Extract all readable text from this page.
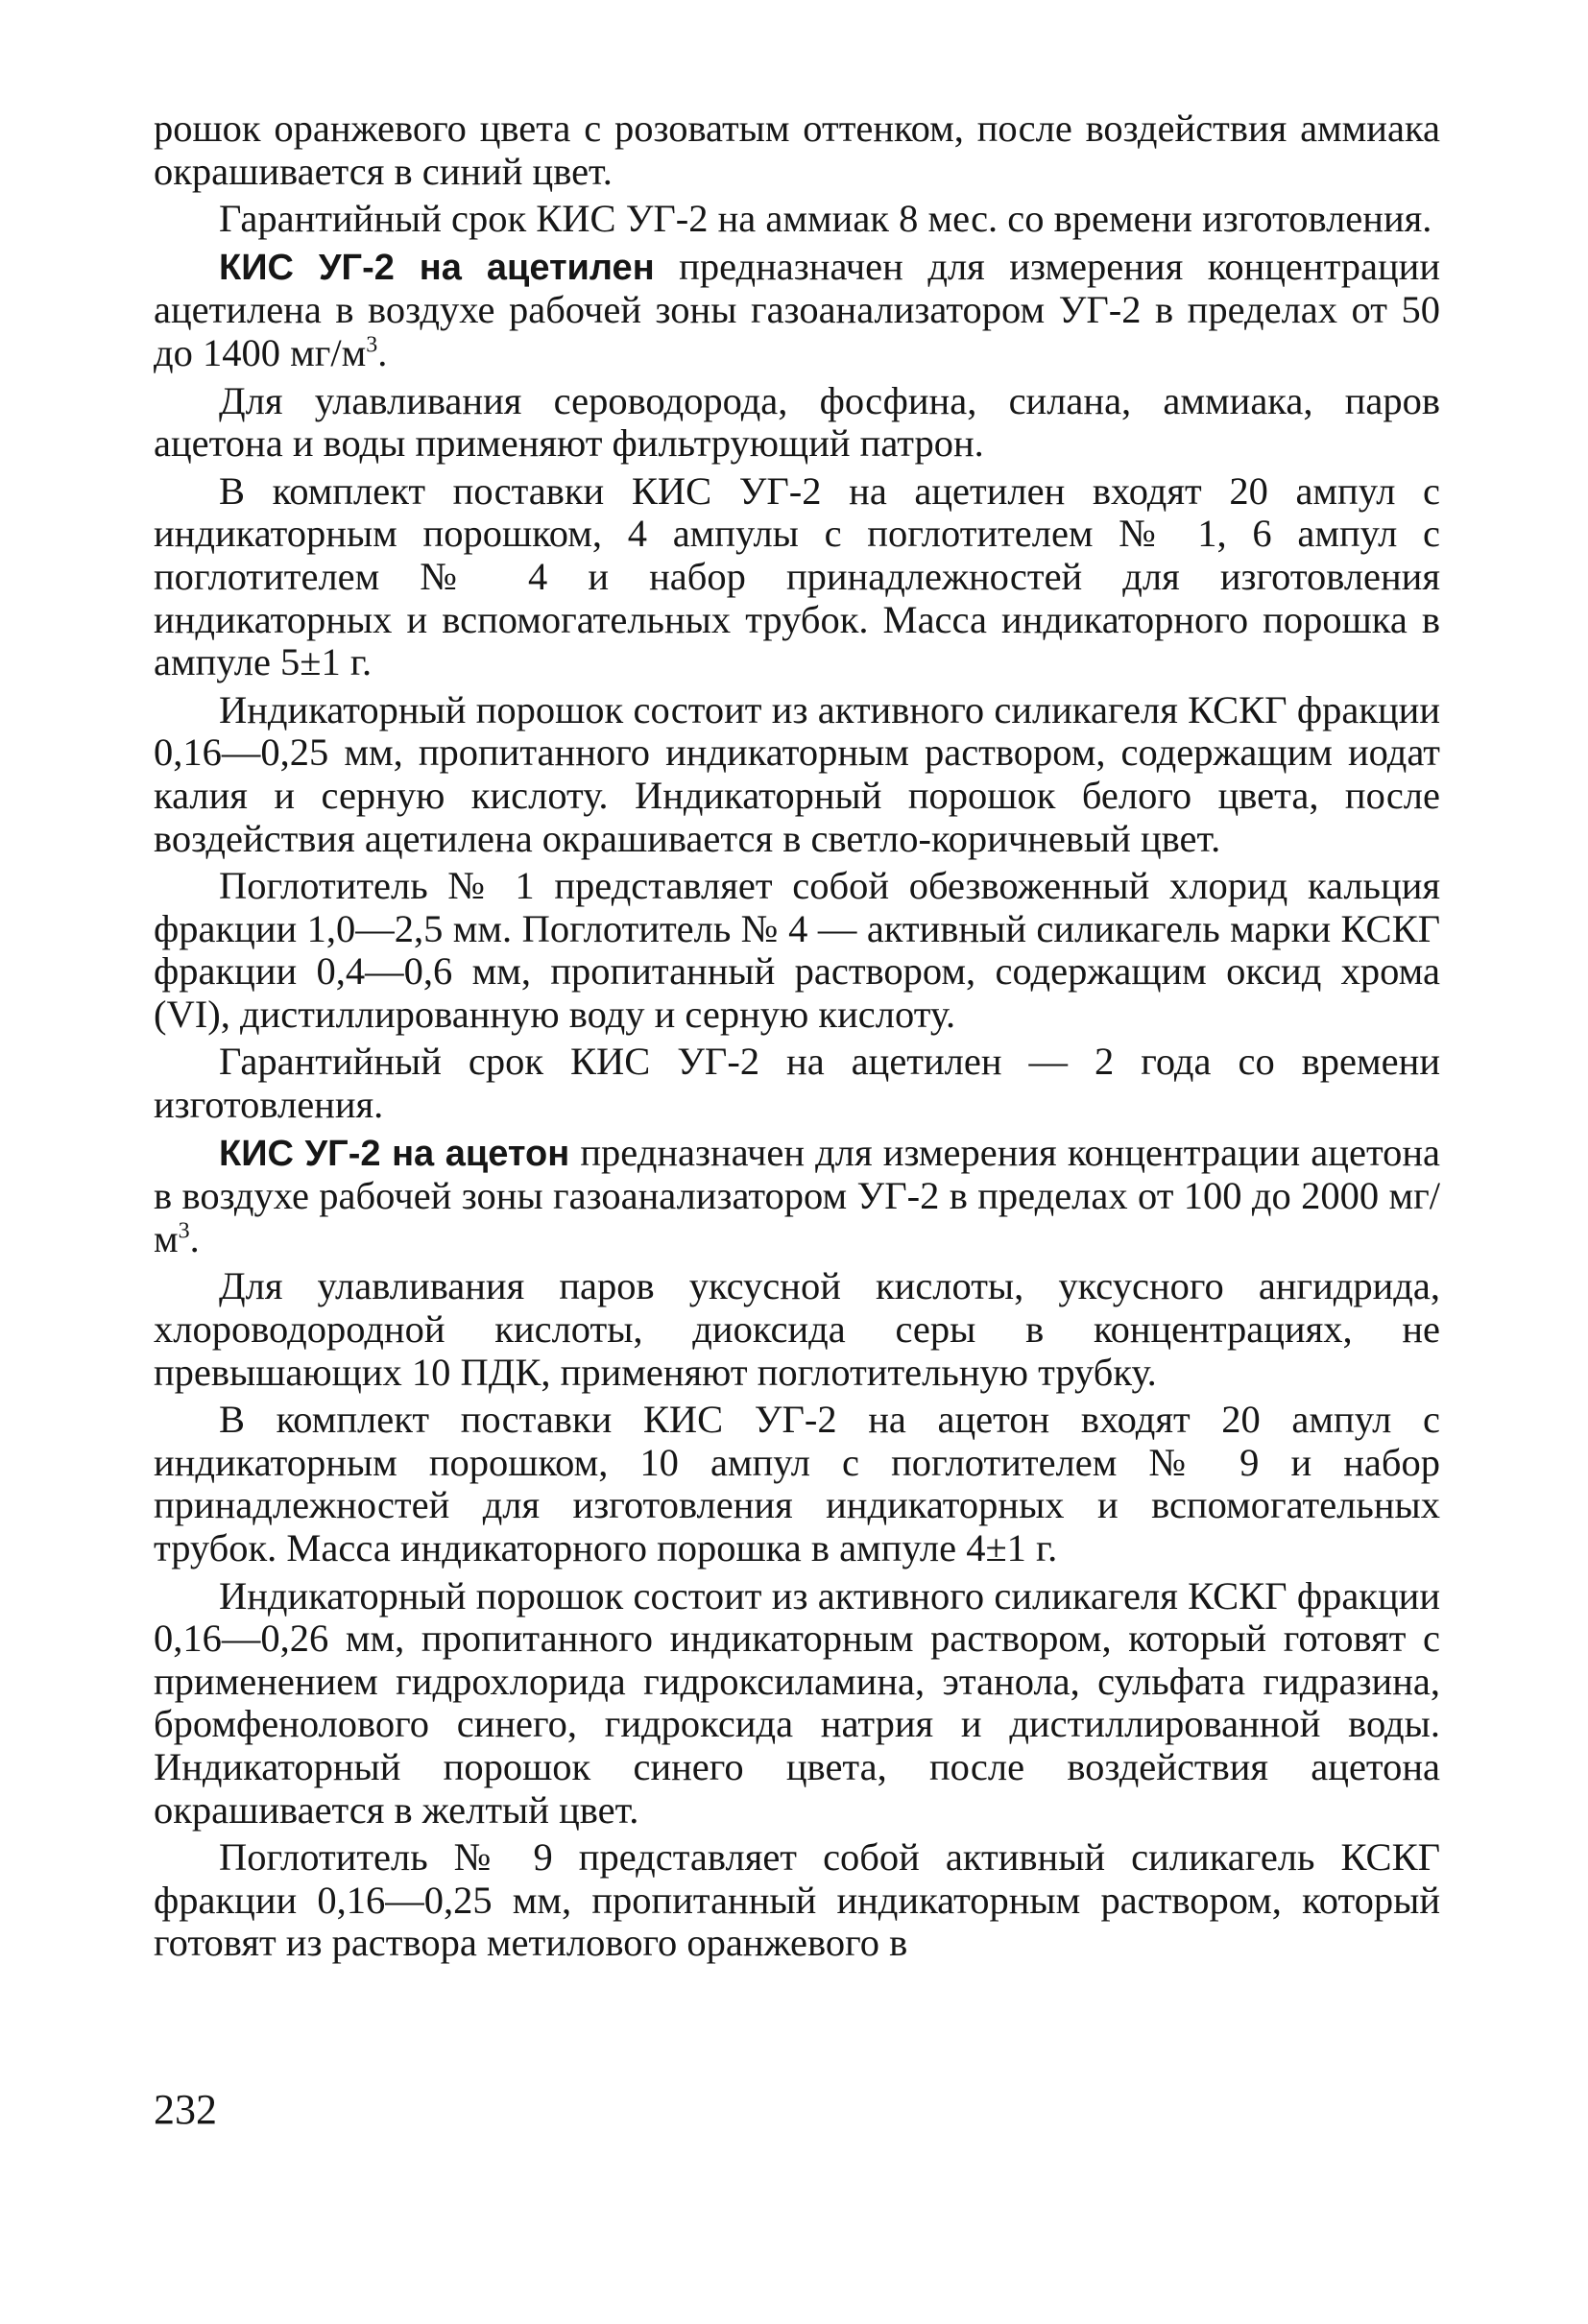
рошок оранжевого цвета с розоватым оттенком, после воздействия аммиака окрашивается в синий цвет.

Гарантийный срок КИС УГ-2 на аммиак 8 мес. со времени изготовления.

КИС УГ-2 на ацетилен предназначен для измерения концентрации ацетилена в воздухе рабочей зоны газоанализатором УГ-2 в пределах от 50 до 1400 $мг/м^3$.

Для улавливания сероводорода, фосфина, силана, аммиака, паров ацетона и воды применяют фильтрующий патрон.

В комплект поставки КИС УГ-2 на ацетилен входят 20 ампул с индикаторным порошком, 4 ампулы с поглотителем № 1, 6 ампул с поглотителем № 4 и набор принадлежностей для изготовления индикаторных и вспомогательных трубок. Масса индикаторного порошка в ампуле 5±1 г.

Индикаторный порошок состоит из активного силикагеля КСКГ фракции 0,16—0,25 мм, пропитанного индикаторным раствором, содержащим иодат калия и серную кислоту. Индикаторный порошок белого цвета, после воздействия ацетилена окрашивается в светло-коричневый цвет.

Поглотитель № 1 представляет собой обезвоженный хлорид кальция фракции 1,0—2,5 мм. Поглотитель № 4 — активный силикагель марки КСКГ фракции 0,4—0,6 мм, пропитанный раствором, содержащим оксид хрома (VI), дистиллированную воду и серную кислоту.

Гарантийный срок КИС УГ-2 на ацетилен — 2 года со времени изготовления.

КИС УГ-2 на ацетон предназначен для измерения концентрации ацетона в воздухе рабочей зоны газоанализатором УГ-2 в пределах от 100 до 2000 $мг/м^3$.

Для улавливания паров уксусной кислоты, уксусного ангидрида, хлороводородной кислоты, диоксида серы в концентрациях, не превышающих 10 ПДК, применяют поглотительную трубку.

В комплект поставки КИС УГ-2 на ацетон входят 20 ампул с индикаторным порошком, 10 ампул с поглотителем № 9 и набор принадлежностей для изготовления индикаторных и вспомогательных трубок. Масса индикаторного порошка в ампуле 4±1 г.

Индикаторный порошок состоит из активного силикагеля КСКГ фракции 0,16—0,26 мм, пропитанного индикаторным раствором, который готовят с применением гидрохлорида гидроксиламина, этанола, сульфата гидразина, бромфенолового синего, гидроксида натрия и дистиллированной воды. Индикаторный порошок синего цвета, после воздействия ацетона окрашивается в желтый цвет.

Поглотитель № 9 представляет собой активный силикагель КСКГ фракции 0,16—0,25 мм, пропитанный индикаторным раствором, который готовят из раствора метилового оранжевого в

232
